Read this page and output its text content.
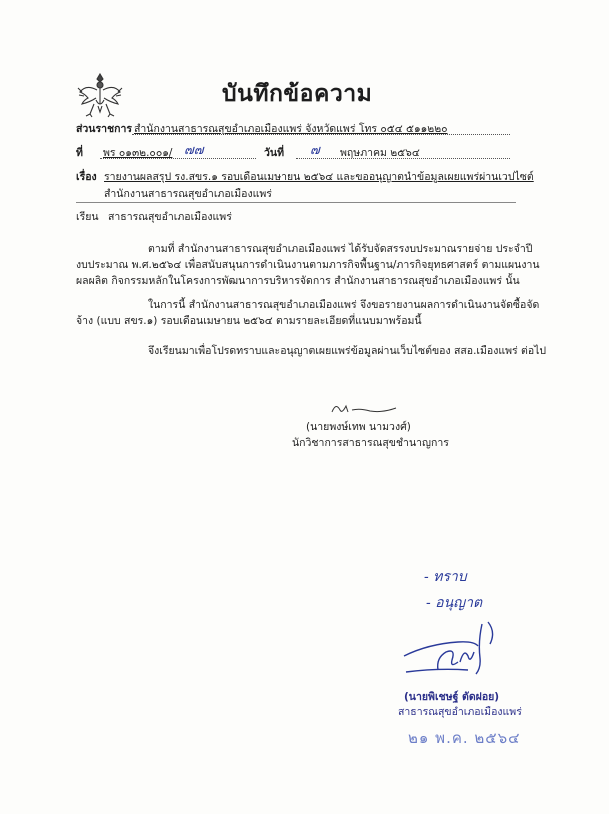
บันทึกข้อความ
ส่วนราชการ สำนักงานสาธารณสุขอำเภอเมืองแพร่ จังหวัดแพร่ โทร ๐๕๔ ๕๑๑๒๒๐
ที่ พร ๐๑๓๒.๐๐๑/ ๗๗	วันที่ ๗ พฤษภาคม ๒๕๖๔
เรื่อง รายงานผลสรุป รง.สขร.๑ รอบเดือนเมษายน ๒๕๖๔ และขออนุญาตนำข้อมูลเผยแพร่ผ่านเวปไซต์
สำนักงานสาธารณสุขอำเภอเมืองแพร่
เรียน สาธารณสุขอำเภอเมืองแพร่
ตามที่ สำนักงานสาธารณสุขอำเภอเมืองแพร่ ได้รับจัดสรรงบประมาณรายจ่าย ประจำปี
งบประมาณ พ.ศ.๒๕๖๔ เพื่อสนับสนุนการดำเนินงานตามภารกิจพื้นฐาน/ภารกิจยุทธศาสตร์ ตามแผนงาน
ผลผลิต กิจกรรมหลักในโครงการพัฒนาการบริหารจัดการ สำนักงานสาธารณสุขอำเภอเมืองแพร่ นั้น
ในการนี้ สำนักงานสาธารณสุขอำเภอเมืองแพร่ จึงขอรายงานผลการดำเนินงานจัดซื้อจัด
จ้าง (แบบ สขร.๑) รอบเดือนเมษายน ๒๕๖๔ ตามรายละเอียดที่แนบมาพร้อมนี้
จึงเรียนมาเพื่อโปรดทราบและอนุญาตเผยแพร่ข้อมูลผ่านเว็บไซต์ของ สสอ.เมืองแพร่ ต่อไป
(นายพงษ์เทพ นามวงศ์)
นักวิชาการสาธารณสุขชำนาญการ
- ทราบ
- อนุญาต
(นายพิเชษฐ์ ตัดฝอย)
สาธารณสุขอำเภอเมืองแพร่
๒๑ พ.ค. ๒๕๖๔
